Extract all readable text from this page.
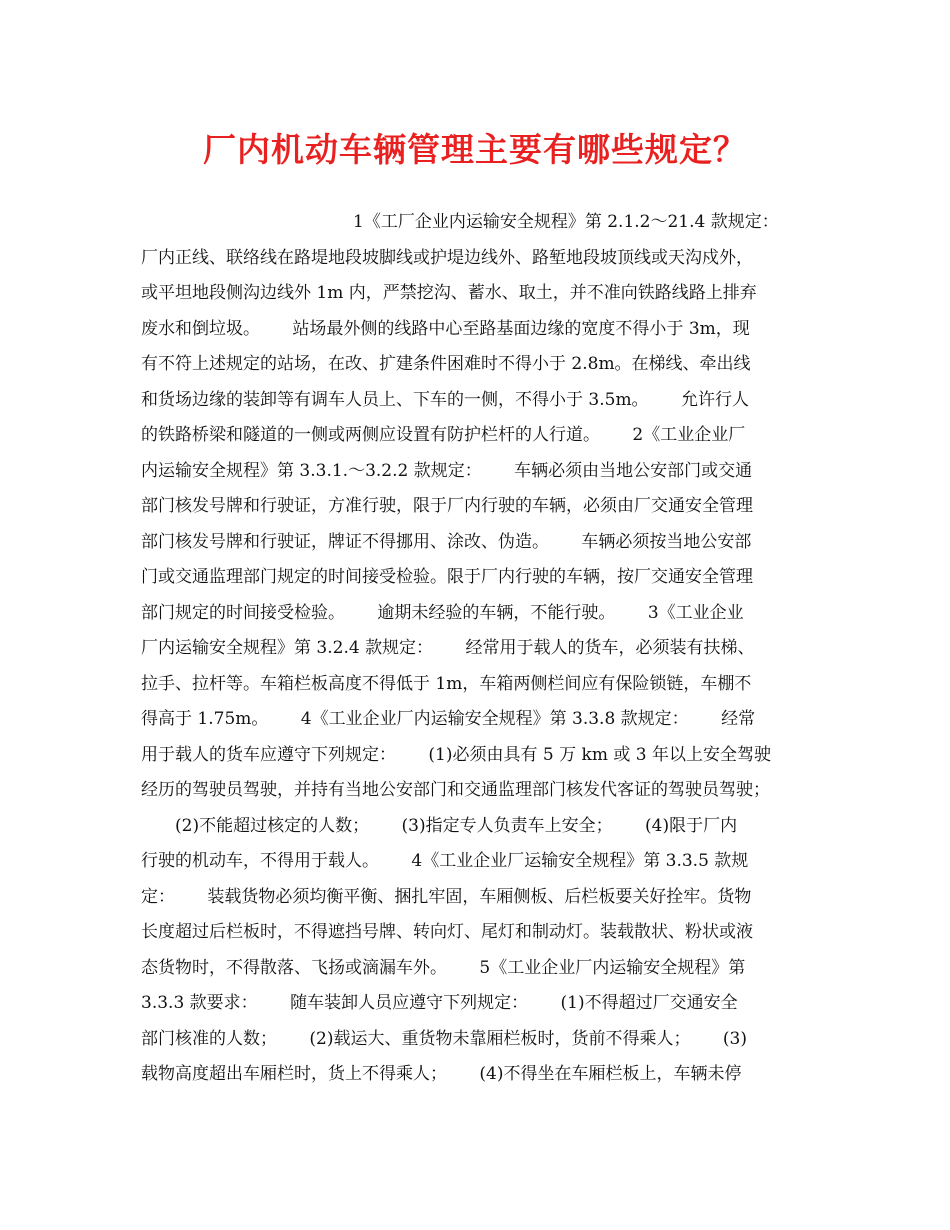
厂内机动车辆管理主要有哪些规定？
1《工厂企业内运输安全规程》第 2.1.2～21.4 款规定：
厂内正线、联络线在路堤地段坡脚线或护堤边线外、路堑地段坡顶线或天沟戍外，
或平坦地段侧沟边线外 1m 内，严禁挖沟、蓄水、取土，并不准向铁路线路上排弃
废水和倒垃圾。      站场最外侧的线路中心至路基面边缘的宽度不得小于 3m，现
有不符上述规定的站场，在改、扩建条件困难时不得小于 2.8m。在梯线、牵出线
和货场边缘的装卸等有调车人员上、下车的一侧，不得小于 3.5m。      允许行人
的铁路桥梁和隧道的一侧或两侧应设置有防护栏杆的人行道。      2《工业企业厂
内运输安全规程》第 3.3.1.～3.2.2 款规定：      车辆必须由当地公安部门或交通
部门核发号牌和行驶证，方准行驶，限于厂内行驶的车辆，必须由厂交通安全管理
部门核发号牌和行驶证，牌证不得挪用、涂改、伪造。      车辆必须按当地公安部
门或交通监理部门规定的时间接受检验。限于厂内行驶的车辆，按厂交通安全管理
部门规定的时间接受检验。      逾期未经验的车辆，不能行驶。      3《工业企业
厂内运输安全规程》第 3.2.4 款规定：      经常用于载人的货车，必须装有扶梯、
拉手、拉杆等。车箱栏板高度不得低于 1m，车箱两侧栏间应有保险锁链，车棚不
得高于 1.75m。      4《工业企业厂内运输安全规程》第 3.3.8 款规定：      经常
用于载人的货车应遵守下列规定：      (1)必须由具有 5 万 km 或 3 年以上安全驾驶
经历的驾驶员驾驶，并持有当地公安部门和交通监理部门核发代客证的驾驶员驾驶；
(2)不能超过核定的人数；      (3)指定专人负责车上安全；      (4)限于厂内
行驶的机动车，不得用于载人。      4《工业企业厂运输安全规程》第 3.3.5 款规
定：      装载货物必须均衡平衡、捆扎牢固，车厢侧板、后栏板要关好拴牢。货物
长度超过后栏板时，不得遮挡号牌、转向灯、尾灯和制动灯。装载散状、粉状或液
态货物时，不得散落、飞扬或滴漏车外。      5《工业企业厂内运输安全规程》第
3.3.3 款要求：      随车装卸人员应遵守下列规定：      (1)不得超过厂交通安全
部门核准的人数；      (2)载运大、重货物未靠厢栏板时，货前不得乘人；      (3)
载物高度超出车厢栏时，货上不得乘人；      (4)不得坐在车厢栏板上，车辆未停
